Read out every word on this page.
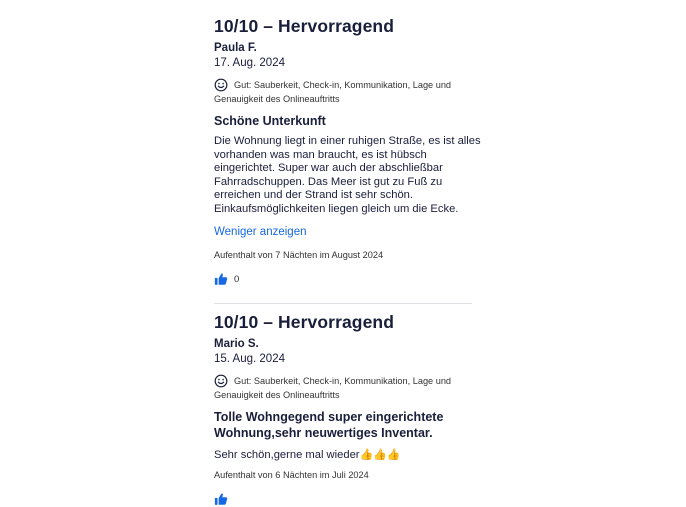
10/10 – Hervorragend
Paula F.
17. Aug. 2024
Gut: Sauberkeit, Check-in, Kommunikation, Lage und
Genauigkeit des Onlineauftritts
Schöne Unterkunft
Die Wohnung liegt in einer ruhigen Straße, es ist alles
vorhanden was man braucht, es ist hübsch
eingerichtet. Super war auch der abschließbar
Fahrradschuppen. Das Meer ist gut zu Fuß zu
erreichen und der Strand ist sehr schön.
Einkaufsmöglichkeiten liegen gleich um die Ecke.
Weniger anzeigen
Aufenthalt von 7 Nächten im August 2024
0
10/10 – Hervorragend
Mario S.
15. Aug. 2024
Gut: Sauberkeit, Check-in, Kommunikation, Lage und
Genauigkeit des Onlineauftritts
Tolle Wohngegend super eingerichtete
Wohnung,sehr neuwertiges Inventar.
Sehr schön,gerne mal wieder👍👍👍
Aufenthalt von 6 Nächten im Juli 2024
